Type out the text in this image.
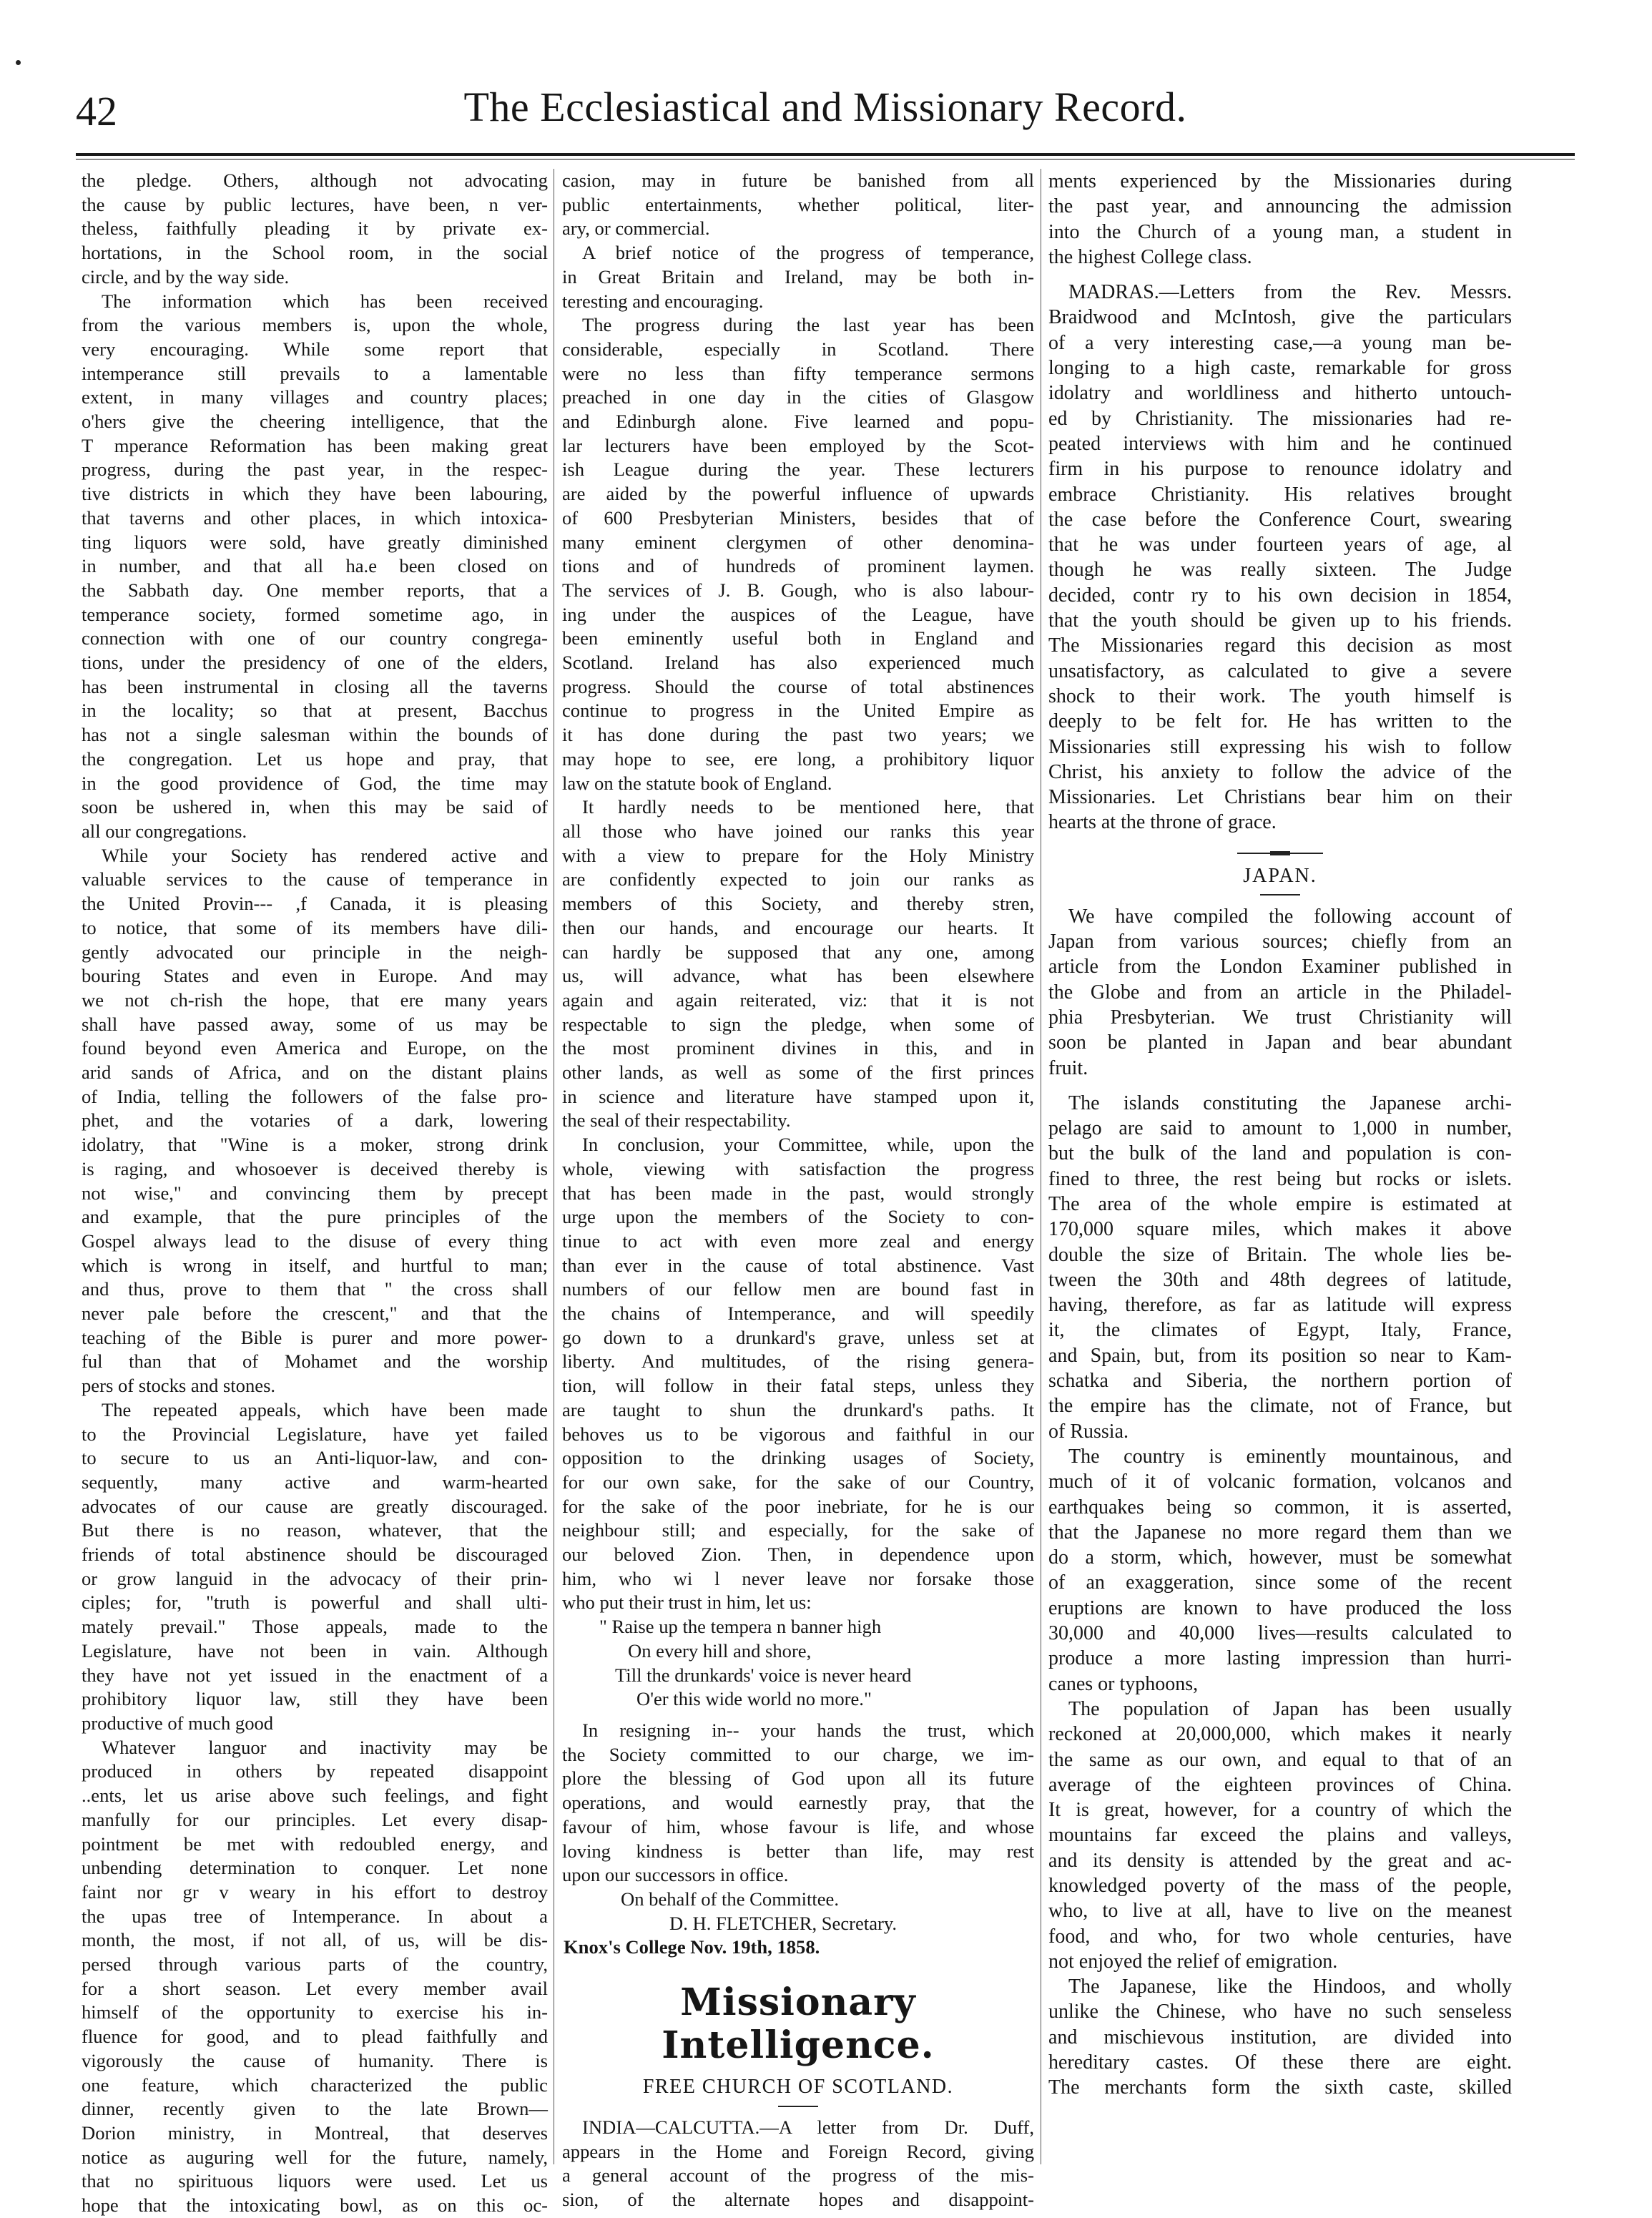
42	The Ecclesiastical and Missionary Record.

the pledge. Others, although not advocating

the cause by public lectures, have been, n ver-

theless, faithfully pleading it by private ex-

hortations, in the School room, in the social

circle, and by the way side.

The information which has been received

from the various members is, upon the whole,

very encouraging. While some report that

intemperance still prevails to a lamentable

extent, in many villages and country places;

o'hers give the cheering intelligence, that the

T mperance Reformation has been making great

progress, during the past year, in the respec-

tive districts in which they have been labouring,

that taverns and other places, in which intoxica-

ting liquors were sold, have greatly diminished

in number, and that all ha.e been closed on

the Sabbath day. One member reports, that a

temperance society, formed sometime ago, in

connection with one of our country congrega-

tions, under the presidency of one of the elders,

has been instrumental in closing all the taverns

in the locality; so that at present, Bacchus

has not a single salesman within the bounds of

the congregation. Let us hope and pray, that

in the good providence of God, the time may

soon be ushered in, when this may be said of

all our congregations.

While your Society has rendered active and

valuable services to the cause of temperance in

the United Provin--- ,f Canada, it is pleasing

to notice, that some of its members have dili-

gently advocated our principle in the neigh-

bouring States and even in Europe. And may

we not ch-rish the hope, that ere many years

shall have passed away, some of us may be

found beyond even America and Europe, on the

arid sands of Africa, and on the distant plains

of India, telling the followers of the false pro-

phet, and the votaries of a dark, lowering

idolatry, that "Wine is a moker, strong drink

is raging, and whosoever is deceived thereby is

not wise," and convincing them by precept

and example, that the pure principles of the

Gospel always lead to the disuse of every thing

which is wrong in itself, and hurtful to man;

and thus, prove to them that " the cross shall

never pale before the crescent," and that the

teaching of the Bible is purer and more power-

ful than that of Mohamet and the worship

pers of stocks and stones.

The repeated appeals, which have been made

to the Provincial Legislature, have yet failed

to secure to us an Anti-liquor-law, and con-

sequently, many active and warm-hearted

advocates of our cause are greatly discouraged.

But there is no reason, whatever, that the

friends of total abstinence should be discouraged

or grow languid in the advocacy of their prin-

ciples; for, "truth is powerful and shall ulti-

mately prevail." Those appeals, made to the

Legislature, have not been in vain. Although

they have not yet issued in the enactment of a

prohibitory liquor law, still they have been

productive of much good

Whatever languor and inactivity may be

produced in others by repeated disappoint

..ents, let us arise above such feelings, and fight

manfully for our principles. Let every disap-

pointment be met with redoubled energy, and

unbending determination to conquer. Let none

faint nor gr v weary in his effort to destroy

the upas tree of Intemperance. In about a

month, the most, if not all, of us, will be dis-

persed through various parts of the country,

for a short season. Let every member avail

himself of the opportunity to exercise his in-

fluence for good, and to plead faithfully and

vigorously the cause of humanity. There is

one feature, which characterized the public

dinner, recently given to the late Brown—

Dorion ministry, in Montreal, that deserves

notice as auguring well for the future, namely,

that no spirituous liquors were used. Let us

hope that the intoxicating bowl, as on this oc-

casion, may in future be banished from all

public entertainments, whether political, liter-

ary, or commercial.

A brief notice of the progress of temperance,

in Great Britain and Ireland, may be both in-

teresting and encouraging.

The progress during the last year has been

considerable, especially in Scotland. There

were no less than fifty temperance sermons

preached in one day in the cities of Glasgow

and Edinburgh alone. Five learned and popu-

lar lecturers have been employed by the Scot-

ish League during the year. These lecturers

are aided by the powerful influence of upwards

of 600 Presbyterian Ministers, besides that of

many eminent clergymen of other denomina-

tions and of hundreds of prominent laymen.

The services of J. B. Gough, who is also labour-

ing under the auspices of the League, have

been eminently useful both in England and

Scotland. Ireland has also experienced much

progress. Should the course of total abstinences

continue to progress in the United Empire as

it has done during the past two years; we

may hope to see, ere long, a prohibitory liquor

law on the statute book of England.

It hardly needs to be mentioned here, that

all those who have joined our ranks this year

with a view to prepare for the Holy Ministry

are confidently expected to join our ranks as

members of this Society, and thereby stren,

then our hands, and encourage our hearts. It

can hardly be supposed that any one, among

us, will advance, what has been elsewhere

again and again reiterated, viz: that it is not

respectable to sign the pledge, when some of

the most prominent divines in this, and in

other lands, as well as some of the first princes

in science and literature have stamped upon it,

the seal of their respectability.

In conclusion, your Committee, while, upon the

whole, viewing with satisfaction the progress

that has been made in the past, would strongly

urge upon the members of the Society to con-

tinue to act with even more zeal and energy

than ever in the cause of total abstinence. Vast

numbers of our fellow men are bound fast in

the chains of Intemperance, and will speedily

go down to a drunkard's grave, unless set at

liberty. And multitudes, of the rising genera-

tion, will follow in their fatal steps, unless they

are taught to shun the drunkard's paths. It

behoves us to be vigorous and faithful in our

opposition to the drinking usages of Society,

for our own sake, for the sake of our Country,

for the sake of the poor inebriate, for he is our

neighbour still; and especially, for the sake of

our beloved Zion. Then, in dependence upon

him, who wi l never leave nor forsake those

who put their trust in him, let us:

" Raise up the tempera n banner high

On every hill and shore,

Till the drunkards' voice is never heard

O'er this wide world no more."

In resigning in-- your hands the trust, which

the Society committed to our charge, we im-

plore the blessing of God upon all its future

operations, and would earnestly pray, that the

favour of him, whose favour is life, and whose

loving kindness is better than life, may rest

upon our successors in office.

On behalf of the Committee.

D. H. FLETCHER, Secretary.

Knox's College Nov. 19th, 1858.

Missionary Intelligence.
FREE CHURCH OF SCOTLAND.

INDIA—CALCUTTA.—A letter from Dr. Duff,

appears in the Home and Foreign Record, giving

a general account of the progress of the mis-

sion, of the alternate hopes and disappoint-

ments experienced by the Missionaries during

the past year, and announcing the admission

into the Church of a young man, a student in

the highest College class.

MADRAS.—Letters from the Rev. Messrs.

Braidwood and McIntosh, give the particulars

of a very interesting case,—a young man be-

longing to a high caste, remarkable for gross

idolatry and worldliness and hitherto untouch-

ed by Christianity. The missionaries had re-

peated interviews with him and he continued

firm in his purpose to renounce idolatry and

embrace Christianity. His relatives brought

the case before the Conference Court, swearing

that he was under fourteen years of age, al

though he was really sixteen. The Judge

decided, contr ry to his own decision in 1854,

that the youth should be given up to his friends.

The Missionaries regard this decision as most

unsatisfactory, as calculated to give a severe

shock to their work. The youth himself is

deeply to be felt for. He has written to the

Missionaries still expressing his wish to follow

Christ, his anxiety to follow the advice of the

Missionaries. Let Christians bear him on their

hearts at the throne of grace.

JAPAN.

We have compiled the following account of

Japan from various sources; chiefly from an

article from the London Examiner published in

the Globe and from an article in the Philadel-

phia Presbyterian. We trust Christianity will

soon be planted in Japan and bear abundant

fruit.

The islands constituting the Japanese archi-

pelago are said to amount to 1,000 in number,

but the bulk of the land and population is con-

fined to three, the rest being but rocks or islets.

The area of the whole empire is estimated at

170,000 square miles, which makes it above

double the size of Britain. The whole lies be-

tween the 30th and 48th degrees of latitude,

having, therefore, as far as latitude will express

it, the climates of Egypt, Italy, France,

and Spain, but, from its position so near to Kam-

schatka and Siberia, the northern portion of

the empire has the climate, not of France, but

of Russia.

The country is eminently mountainous, and

much of it of volcanic formation, volcanos and

earthquakes being so common, it is asserted,

that the Japanese no more regard them than we

do a storm, which, however, must be somewhat

of an exaggeration, since some of the recent

eruptions are known to have produced the loss

30,000 and 40,000 lives—results calculated to

produce a more lasting impression than hurri-

canes or typhoons,

The population of Japan has been usually

reckoned at 20,000,000, which makes it nearly

the same as our own, and equal to that of an

average of the eighteen provinces of China.

It is great, however, for a country of which the

mountains far exceed the plains and valleys,

and its density is attended by the great and ac-

knowledged poverty of the mass of the people,

who, to live at all, have to live on the meanest

food, and who, for two whole centuries, have

not enjoyed the relief of emigration.

The Japanese, like the Hindoos, and wholly

unlike the Chinese, who have no such senseless

and mischievous institution, are divided into

hereditary castes. Of these there are eight.

The merchants form the sixth caste, skilled
